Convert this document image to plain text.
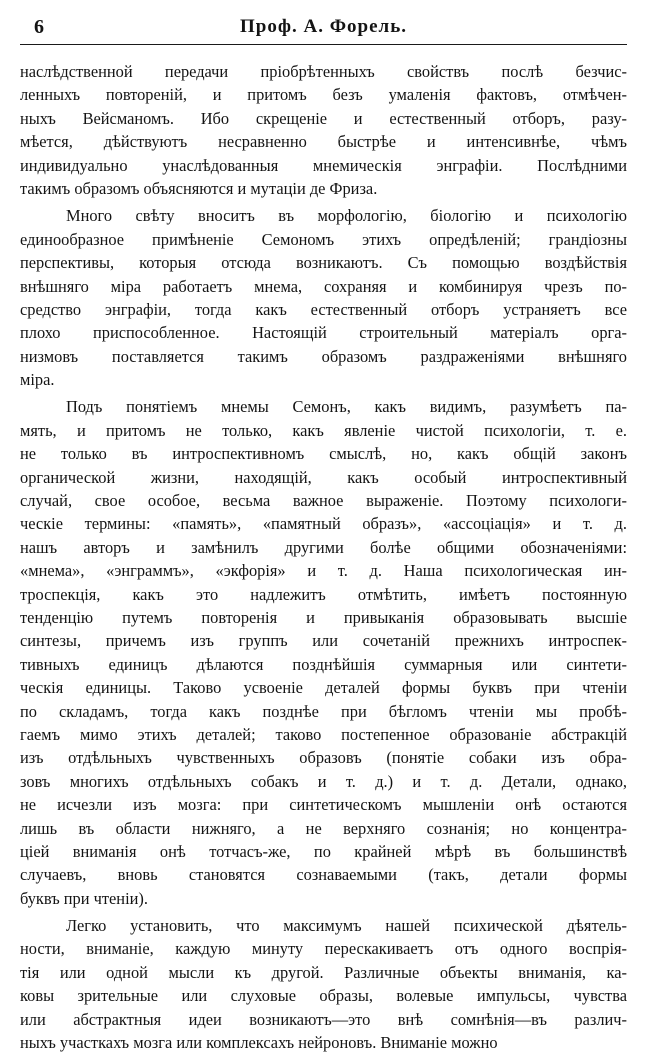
6	Проф. А. Форель.
наслѣдственной передачи пріобрѣтенныхъ свойствъ послѣ безчис-
ленныхъ повтореній, и притомъ безъ умаленія фактовъ, отмѣчен-
ныхъ Вейсманомъ. Ибо скрещеніе и естественный отборъ, разу-
мѣется, дѣйствуютъ несравненно быстрѣе и интенсивнѣе, чѣмъ
индивидуально унаслѣдованныя мнемическія энграфіи. Послѣдними
такимъ образомъ объясняются и мутаціи де Фриза.
Много свѣту вноситъ въ морфологію, біологію и психологію
единообразное примѣненіе Семономъ этихъ опредѣленій; грандіозны
перспективы, которыя отсюда возникаютъ. Съ помощью воздѣйствія
внѣшняго міра работаетъ мнема, сохраняя и комбинируя чрезъ по-
средство энграфіи, тогда какъ естественный отборъ устраняетъ все
плохо приспособленное. Настоящій строительный матеріалъ орга-
низмовъ поставляется такимъ образомъ раздраженіями внѣшняго
міра.
Подъ понятіемъ мнемы Семонъ, какъ видимъ, разумѣетъ па-
мять, и притомъ не только, какъ явленіе чистой психологіи, т. е.
не только въ интроспективномъ смыслѣ, но, какъ общій законъ
органической жизни, находящій, какъ особый интроспективный
случай, свое особое, весьма важное выраженіе. Поэтому психологи-
ческіе термины: «память», «памятный образъ», «ассоціація» и т. д.
нашъ авторъ и замѣнилъ другими болѣе общими обозначеніями:
«мнема», «энграммъ», «экфорія» и т. д. Наша психологическая ин-
троспекція, какъ это надлежитъ отмѣтить, имѣетъ постоянную
тенденцію путемъ повторенія и привыканія образовывать высшіе
синтезы, причемъ изъ группъ или сочетаній прежнихъ интроспек-
тивныхъ единицъ дѣлаются позднѣйшія суммарныя или синтети-
ческія единицы. Таково усвоеніе деталей формы буквъ при чтеніи
по складамъ, тогда какъ позднѣе при бѣгломъ чтеніи мы пробѣ-
гаемъ мимо этихъ деталей; таково постепенное образованіе абстракцій
изъ отдѣльныхъ чувственныхъ образовъ (понятіе собаки изъ обра-
зовъ многихъ отдѣльныхъ собакъ и т. д.) и т. д. Детали, однако,
не исчезли изъ мозга: при синтетическомъ мышленіи онѣ остаются
лишь въ области нижняго, а не верхняго сознанія; но концентра-
ціей вниманія онѣ тотчасъ-же, по крайней мѣрѣ въ большинствѣ
случаевъ, вновь становятся сознаваемыми (такъ, детали формы
буквъ при чтеніи).
Легко установить, что максимумъ нашей психической дѣятель-
ности, вниманіе, каждую минуту перескакиваетъ отъ одного воспрія-
тія или одной мысли къ другой. Различные объекты вниманія, ка-
ковы зрительные или слуховые образы, волевые импульсы, чувства
или абстрактныя идеи возникаютъ—это внѣ сомнѣнія—въ различ-
ныхъ участкахъ мозга или комплексахъ нейроновъ. Вниманіе можно
